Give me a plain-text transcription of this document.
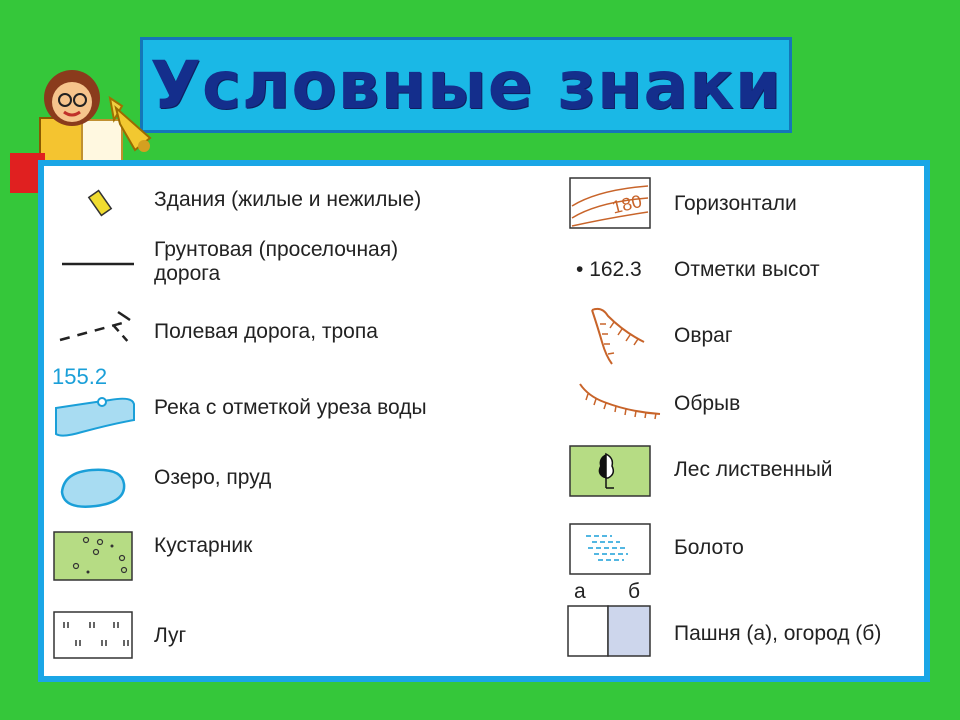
Условные знаки
Здания (жилые и нежилые)
Грунтовая (проселочная) дорога
Полевая дорога, тропа
155.2
Река с отметкой уреза воды
Озеро, пруд
Кустарник
Луг
180 Горизонтали
• 162.3 Отметки высот
Овраг
Обрыв
Лес лиственный
Болото
а б
Пашня (а), огород (б)
